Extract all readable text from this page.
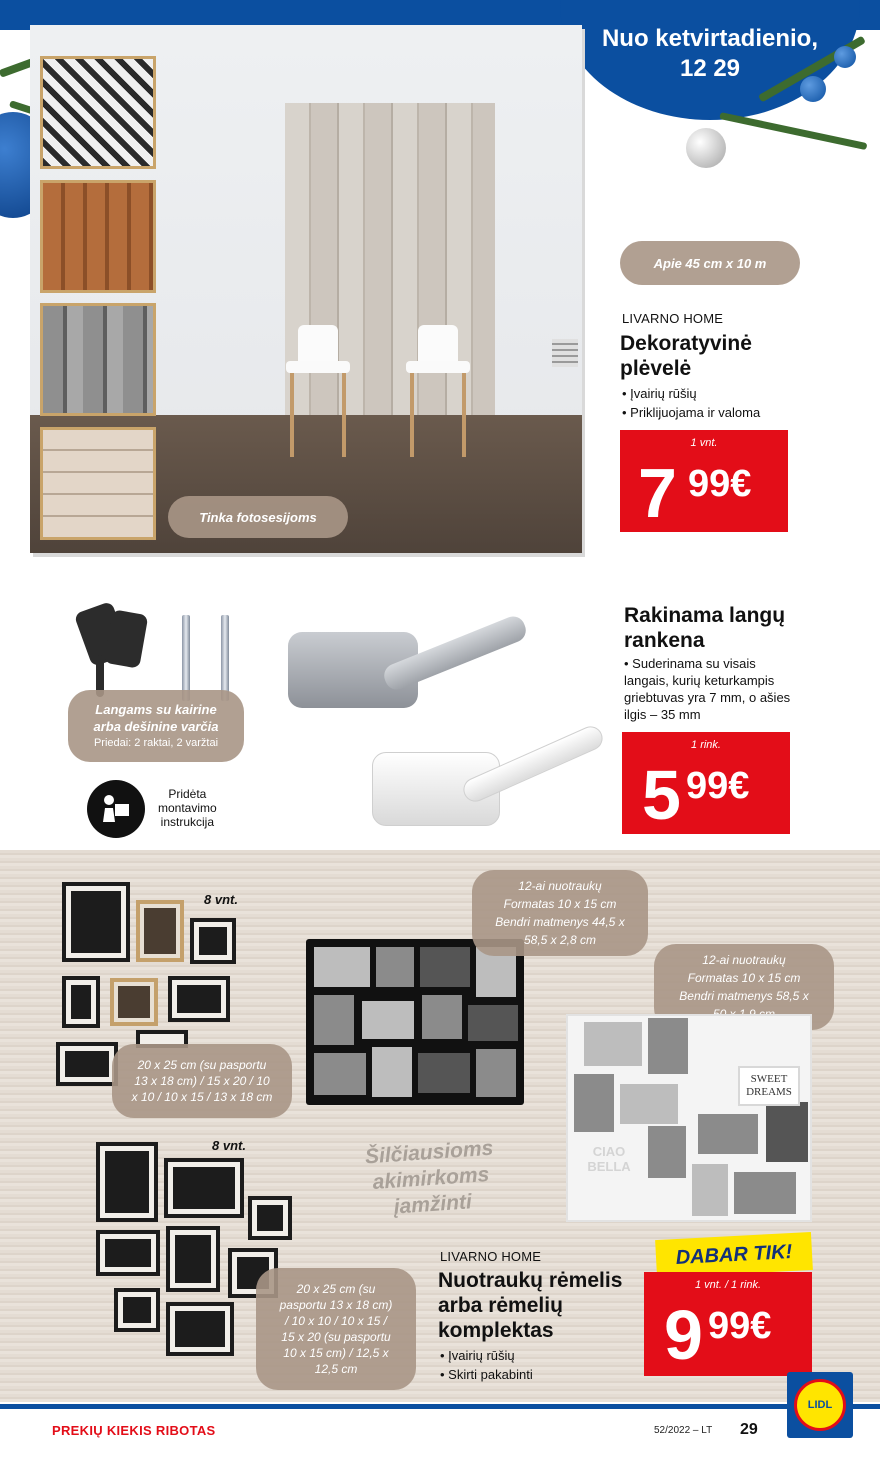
Nuo ketvirtadienio,
12 29
Tinka fotosesijoms
Apie 45 cm x 10 m
LIVARNO HOME
Dekoratyvinė
plėvelė
• Įvairių rūšių
• Priklijuojama ir valoma
1 vnt.
7 99€
Langams su kairine
arba dešinine varčia
Priedai: 2 raktai, 2 varžtai
Pridėta
montavimo
instrukcija
Rakinama langų
rankena
• Suderinama su visais
langais, kurių keturkampis
griebtuvas yra 7 mm, o ašies
ilgis – 35 mm
1 rink.
5 99€
8 vnt.
20 x 25 cm (su pasportu
13 x 18 cm) / 15 x 20 / 10
x 10 / 10 x 15 / 13 x 18 cm
12-ai nuotraukų
Formatas 10 x 15 cm
Bendri matmenys 44,5 x
58,5 x 2,8 cm
12-ai nuotraukų
Formatas 10 x 15 cm
Bendri matmenys 58,5 x
SWEET
DREAMS
CIAO
BELLA
8 vnt.
20 x 25 cm (su
pasportu 13 x 18 cm)
/ 10 x 10 / 10 x 15 /
15 x 20 (su pasportu
10 x 15 cm) / 12,5 x
12,5 cm
Šilčiausioms
akimirkoms
įamžinti
LIVARNO HOME
Nuotraukų rėmelis
arba rėmelių
komplektas
• Įvairių rūšių
• Skirti pakabinti
DABAR TIK!
1 vnt. / 1 rink.
9 99€
PREKIŲ KIEKIS RIBOTAS	52/2022 – LT 29
LIDL
